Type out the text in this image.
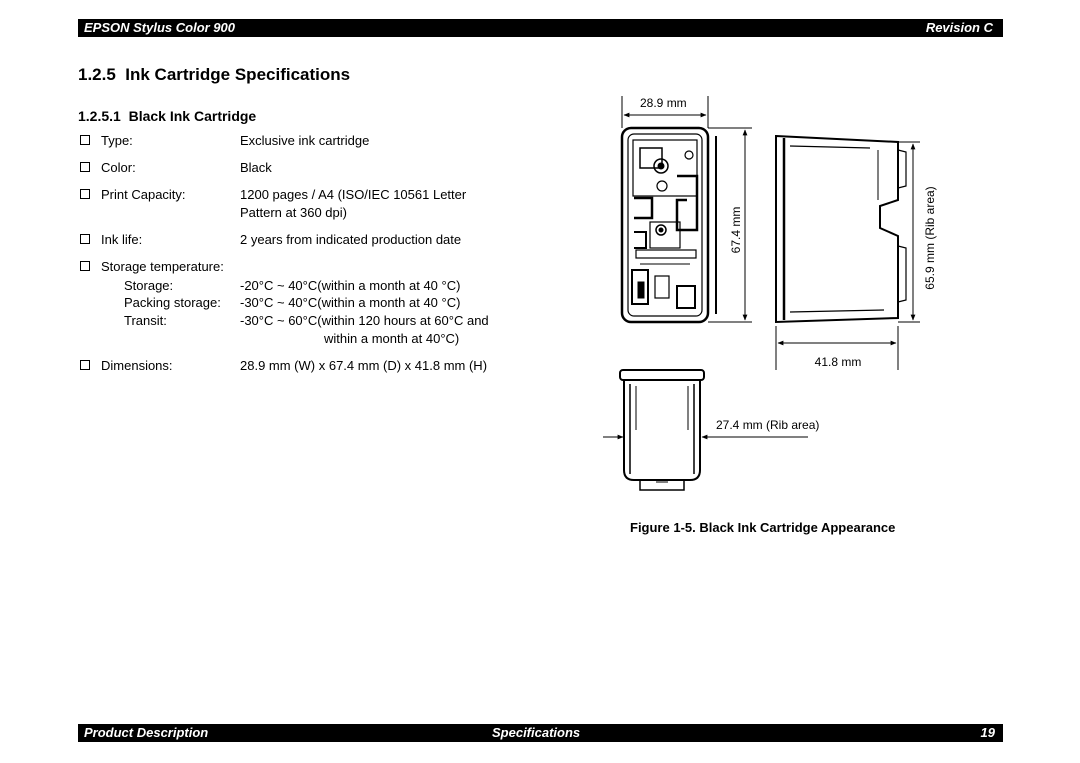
EPSON Stylus Color 900	Revision C
1.2.5 Ink Cartridge Specifications
1.2.5.1 Black Ink Cartridge
Type:	Exclusive ink cartridge
Color:	Black
Print Capacity:	1200 pages / A4 (ISO/IEC 10561 Letter
Pattern at 360 dpi)
Ink life:	2 years from indicated production date
Storage temperature:
Storage:	-20°C ~ 40°C(within a month at 40 °C)
Packing storage: -30°C ~ 40°C(within a month at 40 °C)
Transit:	-30°C ~ 60°C(within 120 hours at 60°C and
within a month at 40°C)
Dimensions:	28.9 mm (W) x 67.4 mm (D) x 41.8 mm (H)
28.9 mm
67.4 mm	65.9 mm (Rib area)
41.8 mm
27.4 mm (Rib area)
Figure 1-5. Black Ink Cartridge Appearance
Product Description	Specifications	19
